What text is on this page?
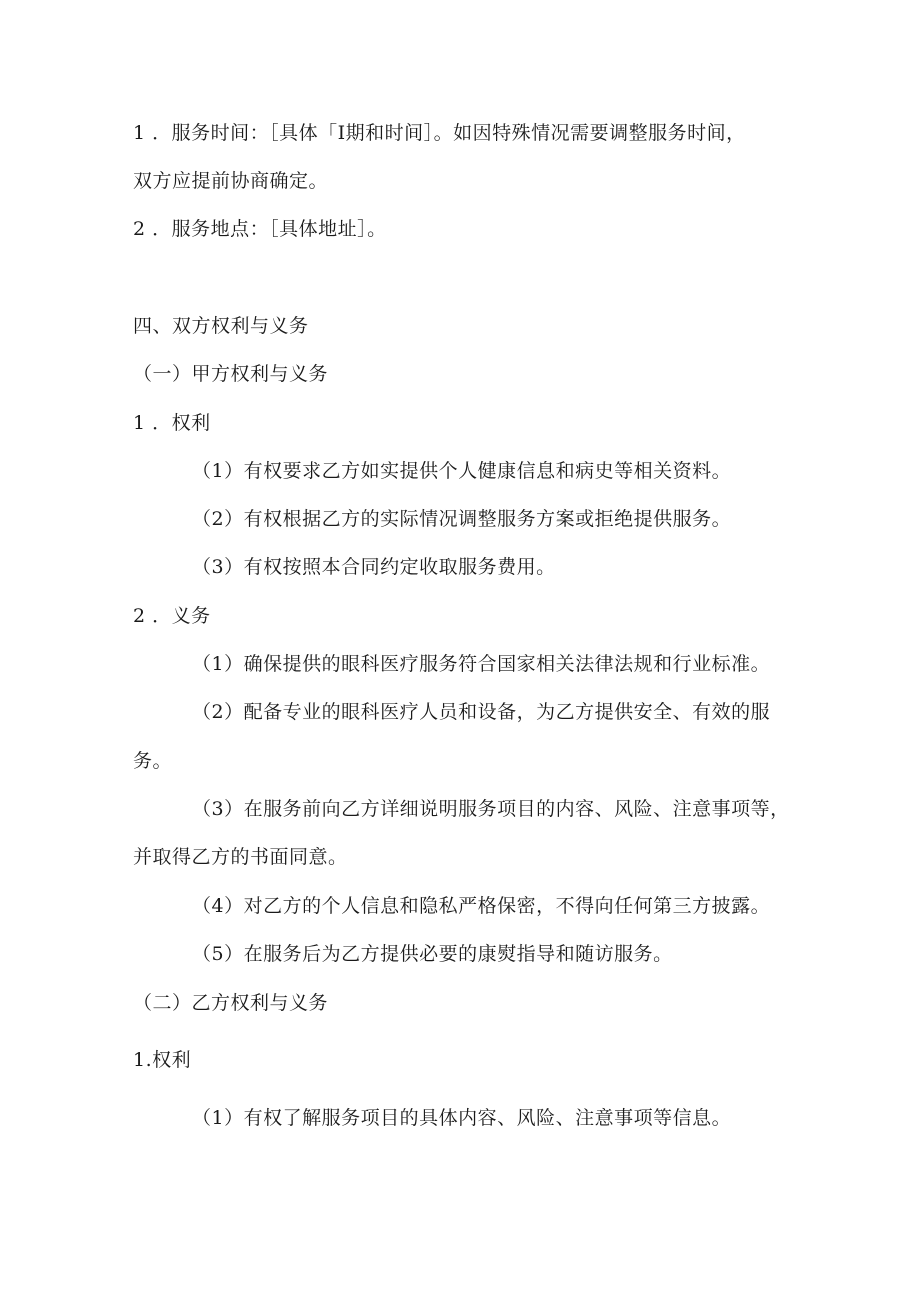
1 ．服务时间：［具体「I期和时间］。如因特殊情况需要调整服务时间，
双方应提前协商确定。
2 ．服务地点：［具体地址］。
四、双方权利与义务
（一）甲方权利与义务
1 ．权利
（1）有权要求乙方如实提供个人健康信息和病史等相关资料。
（2）有权根据乙方的实际情况调整服务方案或拒绝提供服务。
（3）有权按照本合同约定收取服务费用。
2 ．义务
（1）确保提供的眼科医疗服务符合国家相关法律法规和行业标准。
（2）配备专业的眼科医疗人员和设备，为乙方提供安全、有效的服
务。
（3）在服务前向乙方详细说明服务项目的内容、风险、注意事项等，
并取得乙方的书面同意。
（4）对乙方的个人信息和隐私严格保密，不得向任何第三方披露。
（5）在服务后为乙方提供必要的康熨指导和随访服务。
（二）乙方权利与义务
1.权利
（1）有权了解服务项目的具体内容、风险、注意事项等信息。
